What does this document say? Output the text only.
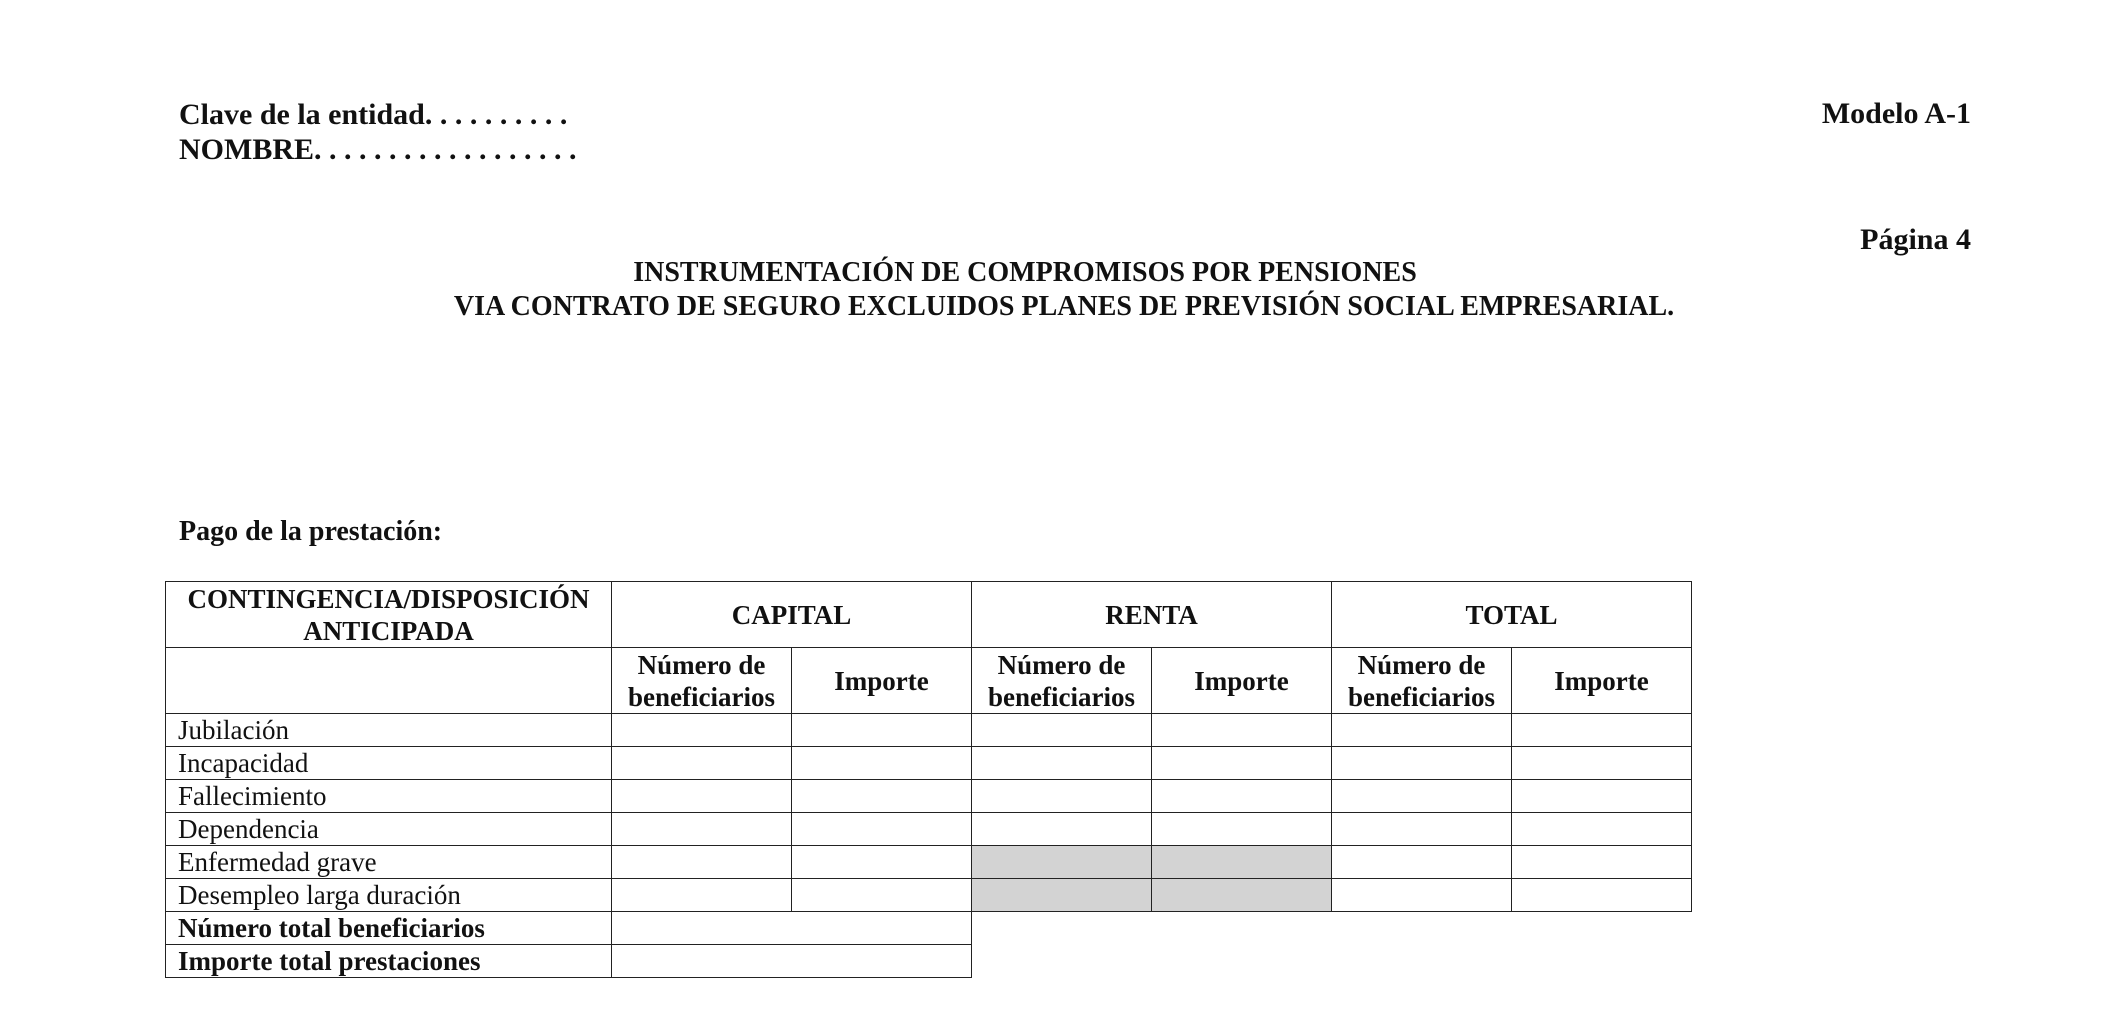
Clave de la entidad. . . . . . . . . .
NOMBRE. . . . . . . . . . . . . . . . . .
Modelo A-1
Página 4
INSTRUMENTACIÓN DE COMPROMISOS POR PENSIONES
VIA CONTRATO DE SEGURO EXCLUIDOS PLANES DE PREVISIÓN SOCIAL EMPRESARIAL.
Pago de la prestación:
CONTINGENCIA/DISPOSICIÓN ANTICIPADA	CAPITAL		RENTA		TOTAL	
	Número de beneficiarios	Importe	Número de beneficiarios	Importe	Número de beneficiarios	Importe
Jubilación						
Incapacidad						
Fallecimiento						
Dependencia						
Enfermedad grave						
Desempleo larga duración						
Número total beneficiarios						
Importe total prestaciones						
